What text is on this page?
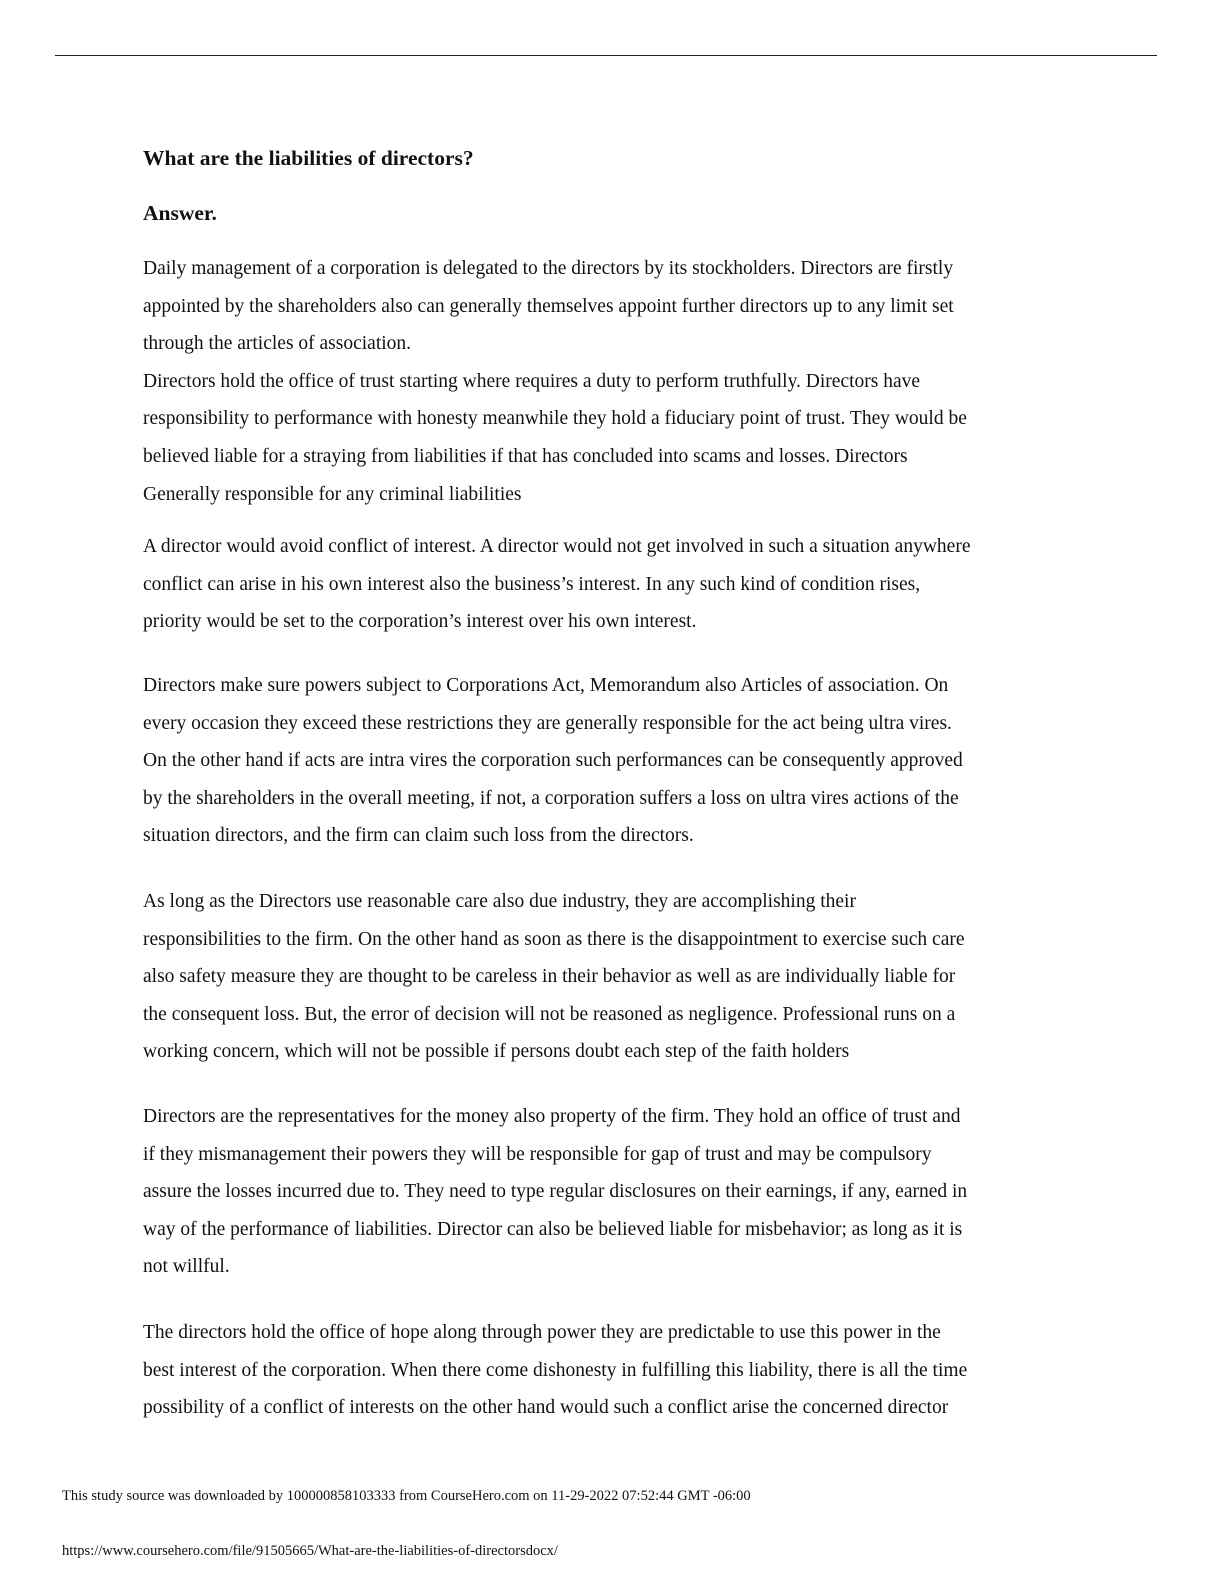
What are the liabilities of directors?
Answer.

Daily management of a corporation is delegated to the directors by its stockholders. Directors are firstly
appointed by the shareholders also can generally themselves appoint further directors up to any limit set
through the articles of association.
Directors hold the office of trust starting where requires a duty to perform truthfully. Directors have
responsibility to performance with honesty meanwhile they hold a fiduciary point of trust. They would be
believed liable for a straying from liabilities if that has concluded into scams and losses. Directors
Generally responsible for any criminal liabilities

A director would avoid conflict of interest. A director would not get involved in such a situation anywhere
conflict can arise in his own interest also the business’s interest. In any such kind of condition rises,
priority would be set to the corporation’s interest over his own interest.

Directors make sure powers subject to Corporations Act, Memorandum also Articles of association. On
every occasion they exceed these restrictions they are generally responsible for the act being ultra vires.
On the other hand if acts are intra vires the corporation such performances can be consequently approved
by the shareholders in the overall meeting, if not, a corporation suffers a loss on ultra vires actions of the
situation directors, and the firm can claim such loss from the directors.

As long as the Directors use reasonable care also due industry, they are accomplishing their
responsibilities to the firm. On the other hand as soon as there is the disappointment to exercise such care
also safety measure they are thought to be careless in their behavior as well as are individually liable for
the consequent loss. But, the error of decision will not be reasoned as negligence. Professional runs on a
working concern, which will not be possible if persons doubt each step of the faith holders

Directors are the representatives for the money also property of the firm. They hold an office of trust and
if they mismanagement their powers they will be responsible for gap of trust and may be compulsory
assure the losses incurred due to. They need to type regular disclosures on their earnings, if any, earned in
way of the performance of liabilities. Director can also be believed liable for misbehavior; as long as it is
not willful.

The directors hold the office of hope along through power they are predictable to use this power in the
best interest of the corporation. When there come dishonesty in fulfilling this liability, there is all the time
possibility of a conflict of interests on the other hand would such a conflict arise the concerned director

This study source was downloaded by 100000858103333 from CourseHero.com on 11-29-2022 07:52:44 GMT -06:00
https://www.coursehero.com/file/91505665/What-are-the-liabilities-of-directorsdocx/
